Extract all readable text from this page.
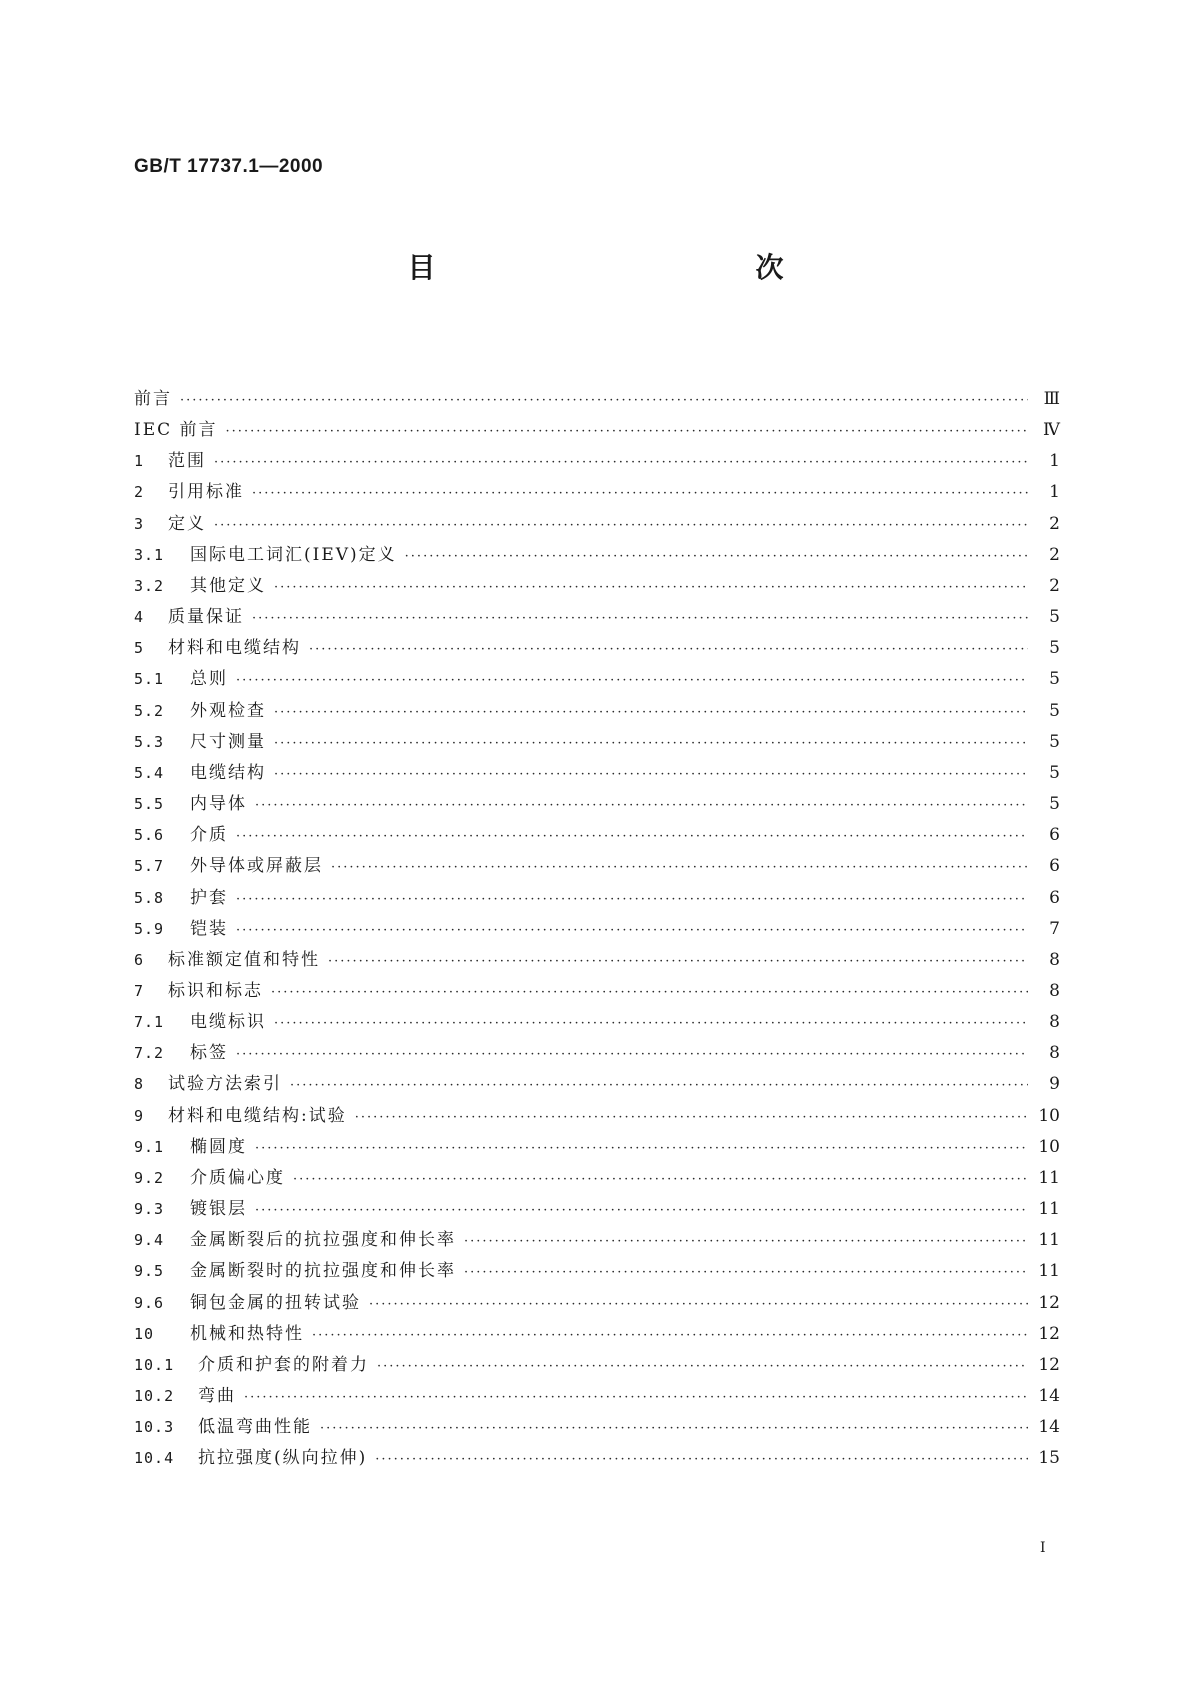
GB/T 17737.1—2000
目　　次
前言 ·····	Ⅲ
IEC 前言 ·····	Ⅳ
1	范围 ·····	1
2	引用标准 ·····	1
3	定义 ·····	2
3.1	国际电工词汇(IEV)定义 ·····	2
3.2	其他定义 ·····	2
4	质量保证 ·····	5
5	材料和电缆结构 ·····	5
5.1	总则 ·····	5
5.2	外观检查 ·····	5
5.3	尺寸测量 ·····	5
5.4	电缆结构 ·····	5
5.5	内导体 ·····	5
5.6	介质 ·····	6
5.7	外导体或屏蔽层 ·····	6
5.8	护套 ·····	6
5.9	铠装 ·····	7
6	标准额定值和特性 ·····	8
7	标识和标志 ·····	8
7.1	电缆标识 ·····	8
7.2	标签 ·····	8
8	试验方法索引 ·····	9
9	材料和电缆结构:试验 ·····	10
9.1	椭圆度 ·····	10
9.2	介质偏心度 ·····	11
9.3	镀银层 ·····	11
9.4	金属断裂后的抗拉强度和伸长率 ·····	11
9.5	金属断裂时的抗拉强度和伸长率 ·····	11
9.6	铜包金属的扭转试验 ·····	12
10	机械和热特性 ·····	12
10.1	介质和护套的附着力 ·····	12
10.2	弯曲 ·····	14
10.3	低温弯曲性能 ·····	14
10.4	抗拉强度(纵向拉伸) ·····	15
I
